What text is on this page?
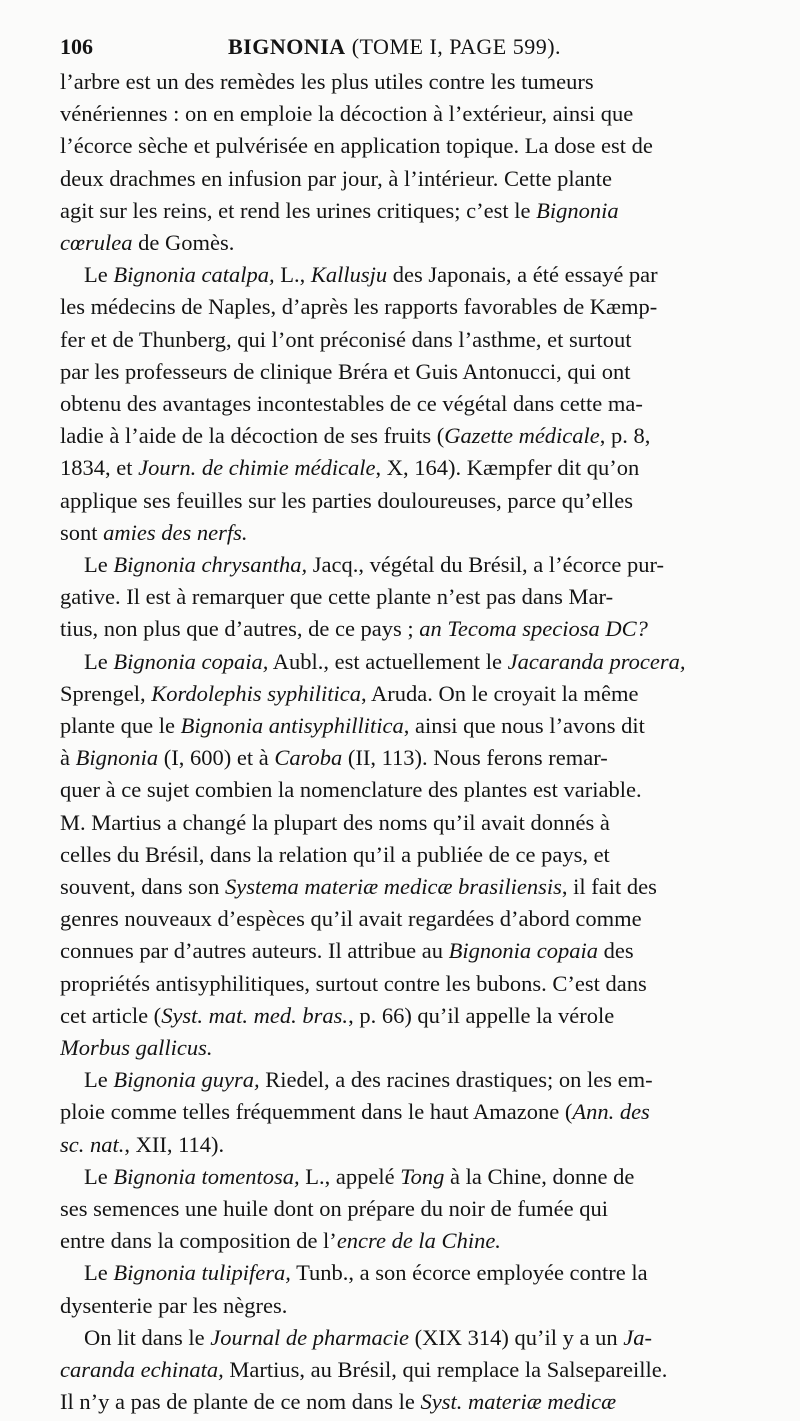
106	BIGNONIA (TOME I, PAGE 599).
l’arbre est un des remèdes les plus utiles contre les tumeurs
vénériennes : on en emploie la décoction à l’extérieur, ainsi que
l’écorce sèche et pulvérisée en application topique. La dose est de
deux drachmes en infusion par jour, à l’intérieur. Cette plante
agit sur les reins, et rend les urines critiques; c’est le Bignonia
cœrulea de Gomès.
Le Bignonia catalpa, L., Kallusju des Japonais, a été essayé par
les médecins de Naples, d’après les rapports favorables de Kæmp-
fer et de Thunberg, qui l’ont préconisé dans l’asthme, et surtout
par les professeurs de clinique Bréra et Guis Antonucci, qui ont
obtenu des avantages incontestables de ce végétal dans cette ma-
ladie à l’aide de la décoction de ses fruits (Gazette médicale, p. 8,
1834, et Journ. de chimie médicale, X, 164). Kæmpfer dit qu’on
applique ses feuilles sur les parties douloureuses, parce qu’elles
sont amies des nerfs.
Le Bignonia chrysantha, Jacq., végétal du Brésil, a l’écorce pur-
gative. Il est à remarquer que cette plante n’est pas dans Mar-
tius, non plus que d’autres, de ce pays ; an Tecoma speciosa DC?
Le Bignonia copaia, Aubl., est actuellement le Jacaranda procera,
Sprengel, Kordolephis syphilitica, Aruda. On le croyait la même
plante que le Bignonia antisyphillitica, ainsi que nous l’avons dit
à Bignonia (I, 600) et à Caroba (II, 113). Nous ferons remar-
quer à ce sujet combien la nomenclature des plantes est variable.
M. Martius a changé la plupart des noms qu’il avait donnés à
celles du Brésil, dans la relation qu’il a publiée de ce pays, et
souvent, dans son Systema materiæ medicæ brasiliensis, il fait des
genres nouveaux d’espèces qu’il avait regardées d’abord comme
connues par d’autres auteurs. Il attribue au Bignonia copaia des
propriétés antisyphilitiques, surtout contre les bubons. C’est dans
cet article (Syst. mat. med. bras., p. 66) qu’il appelle la vérole
Morbus gallicus.
Le Bignonia guyra, Riedel, a des racines drastiques; on les em-
ploie comme telles fréquemment dans le haut Amazone (Ann. des
sc. nat., XII, 114).
Le Bignonia tomentosa, L., appelé Tong à la Chine, donne de
ses semences une huile dont on prépare du noir de fumée qui
entre dans la composition de l’encre de la Chine.
Le Bignonia tulipifera, Tunb., a son écorce employée contre la
dysenterie par les nègres.
On lit dans le Journal de pharmacie (XIX 314) qu’il y a un Ja-
caranda echinata, Martius, au Brésil, qui remplace la Salsepareille.
Il n’y a pas de plante de ce nom dans le Syst. materiæ medicæ
